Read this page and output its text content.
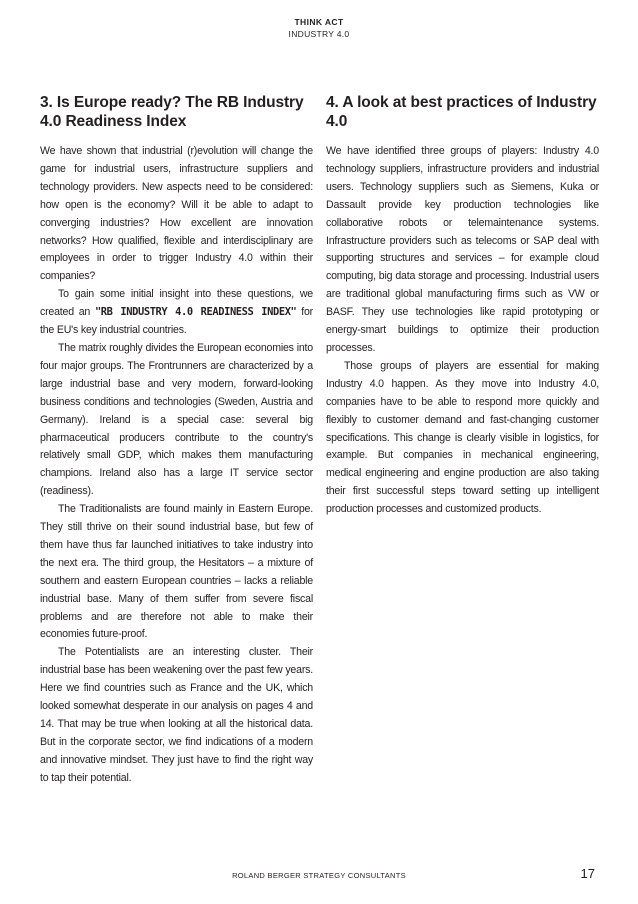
THINK ACT
INDUSTRY 4.0
3. Is Europe ready? The RB Industry 4.0 Readiness Index

We have shown that industrial (r)evolution will change the game for industrial users, infrastructure suppliers and technology providers. New aspects need to be considered: how open is the economy? Will it be able to adapt to converging industries? How excellent are innovation networks? How qualified, flexible and interdisciplinary are employees in order to trigger Industry 4.0 within their companies?

To gain some initial insight into these questions, we created an "RB INDUSTRY 4.0 READINESS INDEX" for the EU's key industrial countries.

The matrix roughly divides the European economies into four major groups. The Frontrunners are characterized by a large industrial base and very modern, forward-looking business conditions and technologies (Sweden, Austria and Germany). Ireland is a special case: several big pharmaceutical producers contribute to the country's relatively small GDP, which makes them manufacturing champions. Ireland also has a large IT service sector (readiness).

The Traditionalists are found mainly in Eastern Europe. They still thrive on their sound industrial base, but few of them have thus far launched initiatives to take industry into the next era. The third group, the Hesitators – a mixture of southern and eastern European countries – lacks a reliable industrial base. Many of them suffer from severe fiscal problems and are therefore not able to make their economies future-proof.

The Potentialists are an interesting cluster. Their industrial base has been weakening over the past few years. Here we find countries such as France and the UK, which looked somewhat desperate in our analysis on pages 4 and 14. That may be true when looking at all the historical data. But in the corporate sector, we find indications of a modern and innovative mindset. They just have to find the right way to tap their potential.

4. A look at best practices of Industry 4.0

We have identified three groups of players: Industry 4.0 technology suppliers, infrastructure providers and industrial users. Technology suppliers such as Siemens, Kuka or Dassault provide key production technologies like collaborative robots or telemaintenance systems. Infrastructure providers such as telecoms or SAP deal with supporting structures and services – for example cloud computing, big data storage and processing. Industrial users are traditional global manufacturing firms such as VW or BASF. They use technologies like rapid prototyping or energy-smart buildings to optimize their production processes.

Those groups of players are essential for making Industry 4.0 happen. As they move into Industry 4.0, companies have to be able to respond more quickly and flexibly to customer demand and fast-changing customer specifications. This change is clearly visible in logistics, for example. But companies in mechanical engineering, medical engineering and engine production are also taking their first successful steps toward setting up intelligent production processes and customized products.

ROLAND BERGER STRATEGY CONSULTANTS	17
